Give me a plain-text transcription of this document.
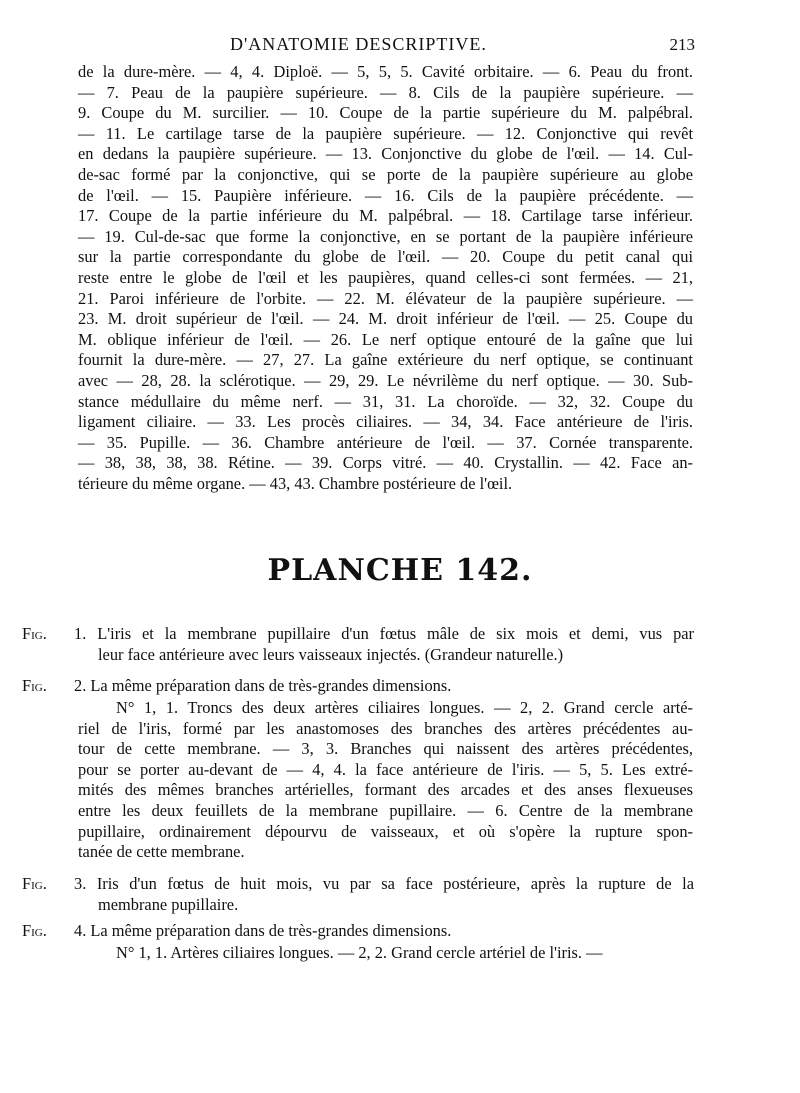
D'ANATOMIE DESCRIPTIVE.	213
de la dure-mère. — 4, 4. Diploë. — 5, 5, 5. Cavité orbitaire. — 6. Peau du front.
— 7. Peau de la paupière supérieure. — 8. Cils de la paupière supérieure. —
9. Coupe du M. surcilier. — 10. Coupe de la partie supérieure du M. palpébral.
— 11. Le cartilage tarse de la paupière supérieure. — 12. Conjonctive qui revêt
en dedans la paupière supérieure. — 13. Conjonctive du globe de l'œil. — 14. Cul-
de-sac formé par la conjonctive, qui se porte de la paupière supérieure au globe
de l'œil. — 15. Paupière inférieure. — 16. Cils de la paupière précédente. —
17. Coupe de la partie inférieure du M. palpébral. — 18. Cartilage tarse inférieur.
— 19. Cul-de-sac que forme la conjonctive, en se portant de la paupière inférieure
sur la partie correspondante du globe de l'œil. — 20. Coupe du petit canal qui
reste entre le globe de l'œil et les paupières, quand celles-ci sont fermées. — 21,
21. Paroi inférieure de l'orbite. — 22. M. élévateur de la paupière supérieure. —
23. M. droit supérieur de l'œil. — 24. M. droit inférieur de l'œil. — 25. Coupe du
M. oblique inférieur de l'œil. — 26. Le nerf optique entouré de la gaîne que lui
fournit la dure-mère. — 27, 27. La gaîne extérieure du nerf optique, se continuant
avec — 28, 28. la sclérotique. — 29, 29. Le névrilème du nerf optique. — 30. Sub-
stance médullaire du même nerf. — 31, 31. La choroïde. — 32, 32. Coupe du
ligament ciliaire. — 33. Les procès ciliaires. — 34, 34. Face antérieure de l'iris.
— 35. Pupille. — 36. Chambre antérieure de l'œil. — 37. Cornée transparente.
— 38, 38, 38, 38. Rétine. — 39. Corps vitré. — 40. Crystallin. — 42. Face an-
térieure du même organe. — 43, 43. Chambre postérieure de l'œil.
PLANCHE 142.
Fig. 1. L'iris et la membrane pupillaire d'un fœtus mâle de six mois et demi, vus par
leur face antérieure avec leurs vaisseaux injectés. (Grandeur naturelle.)
Fig. 2. La même préparation dans de très-grandes dimensions.
N° 1, 1. Troncs des deux artères ciliaires longues. — 2, 2. Grand cercle arté-
riel de l'iris, formé par les anastomoses des branches des artères précédentes au-
tour de cette membrane. — 3, 3. Branches qui naissent des artères précédentes,
pour se porter au-devant de — 4, 4. la face antérieure de l'iris. — 5, 5. Les extré-
mités des mêmes branches artérielles, formant des arcades et des anses flexueuses
entre les deux feuillets de la membrane pupillaire. — 6. Centre de la membrane
pupillaire, ordinairement dépourvu de vaisseaux, et où s'opère la rupture spon-
tanée de cette membrane.
Fig. 3. Iris d'un fœtus de huit mois, vu par sa face postérieure, après la rupture de la
membrane pupillaire.
Fig. 4. La même préparation dans de très-grandes dimensions.
N° 1, 1. Artères ciliaires longues. — 2, 2. Grand cercle artériel de l'iris. —
